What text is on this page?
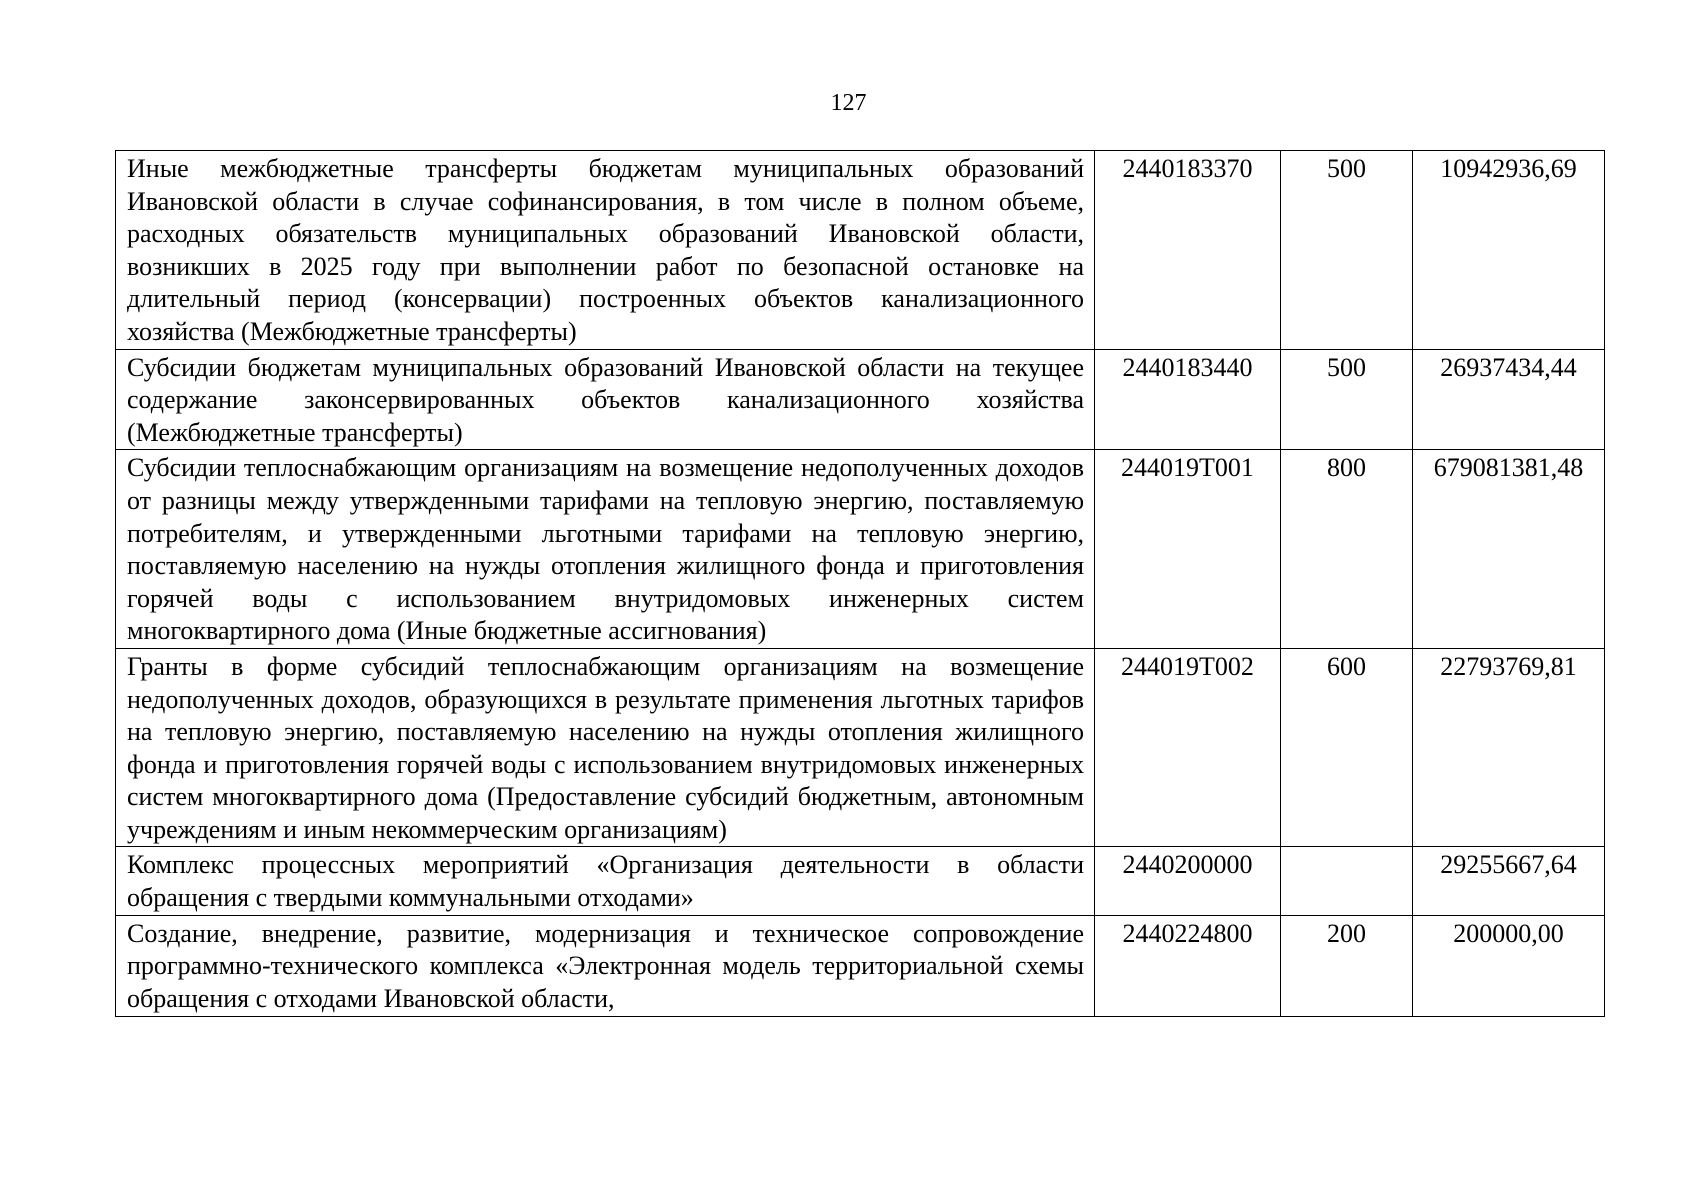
127
Иные межбюджетные трансферты бюджетам муниципальных образований Ивановской области в случае софинансирования, в том числе в полном объеме, расходных обязательств муниципальных образований Ивановской области, возникших в 2025 году при выполнении работ по безопасной остановке на длительный период (консервации) построенных объектов канализационного хозяйства (Межбюджетные трансферты)	2440183370	500	10942936,69
Субсидии бюджетам муниципальных образований Ивановской области на текущее содержание законсервированных объектов канализационного хозяйства (Межбюджетные трансферты)	2440183440	500	26937434,44
Субсидии теплоснабжающим организациям на возмещение недополученных доходов от разницы между утвержденными тарифами на тепловую энергию, поставляемую потребителям, и утвержденными льготными тарифами на тепловую энергию, поставляемую населению на нужды отопления жилищного фонда и приготовления горячей воды с использованием внутридомовых инженерных систем многоквартирного дома (Иные бюджетные ассигнования)	244019Т001	800	679081381,48
Гранты в форме субсидий теплоснабжающим организациям на возмещение недополученных доходов, образующихся в результате применения льготных тарифов на тепловую энергию, поставляемую населению на нужды отопления жилищного фонда и приготовления горячей воды с использованием внутридомовых инженерных систем многоквартирного дома (Предоставление субсидий бюджетным, автономным учреждениям и иным некоммерческим организациям)	244019Т002	600	22793769,81
Комплекс процессных мероприятий «Организация деятельности в области обращения с твердыми коммунальными отходами»	2440200000		29255667,64

Создание, внедрение, развитие, модернизация и техническое сопровождение программно-технического комплекса «Электронная модель территориальной схемы обращения с отходами Ивановской области,	2440224800	200	200000,00
